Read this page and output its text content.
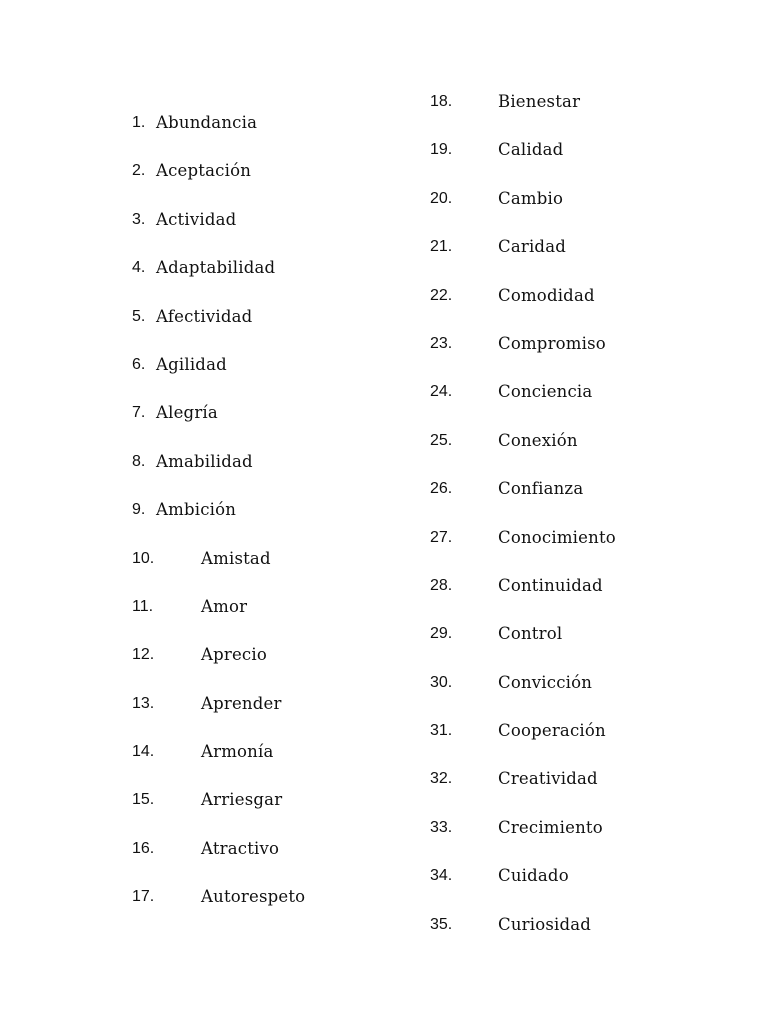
1. Abundancia
2. Aceptación
3. Actividad
4. Adaptabilidad
5. Afectividad
6. Agilidad
7. Alegría
8. Amabilidad
9. Ambición
10.	Amistad
11.	Amor
12.	Aprecio
13.	Aprender
14.	Armonía
15.	Arriesgar
16.	Atractivo
17.	Autorespeto
18.	Bienestar
19.	Calidad
20.	Cambio
21.	Caridad
22.	Comodidad
23.	Compromiso
24.	Conciencia
25.	Conexión
26.	Confianza
27.	Conocimiento
28.	Continuidad
29.	Control
30.	Convicción
31.	Cooperación
32.	Creatividad
33.	Crecimiento
34.	Cuidado
35.	Curiosidad
